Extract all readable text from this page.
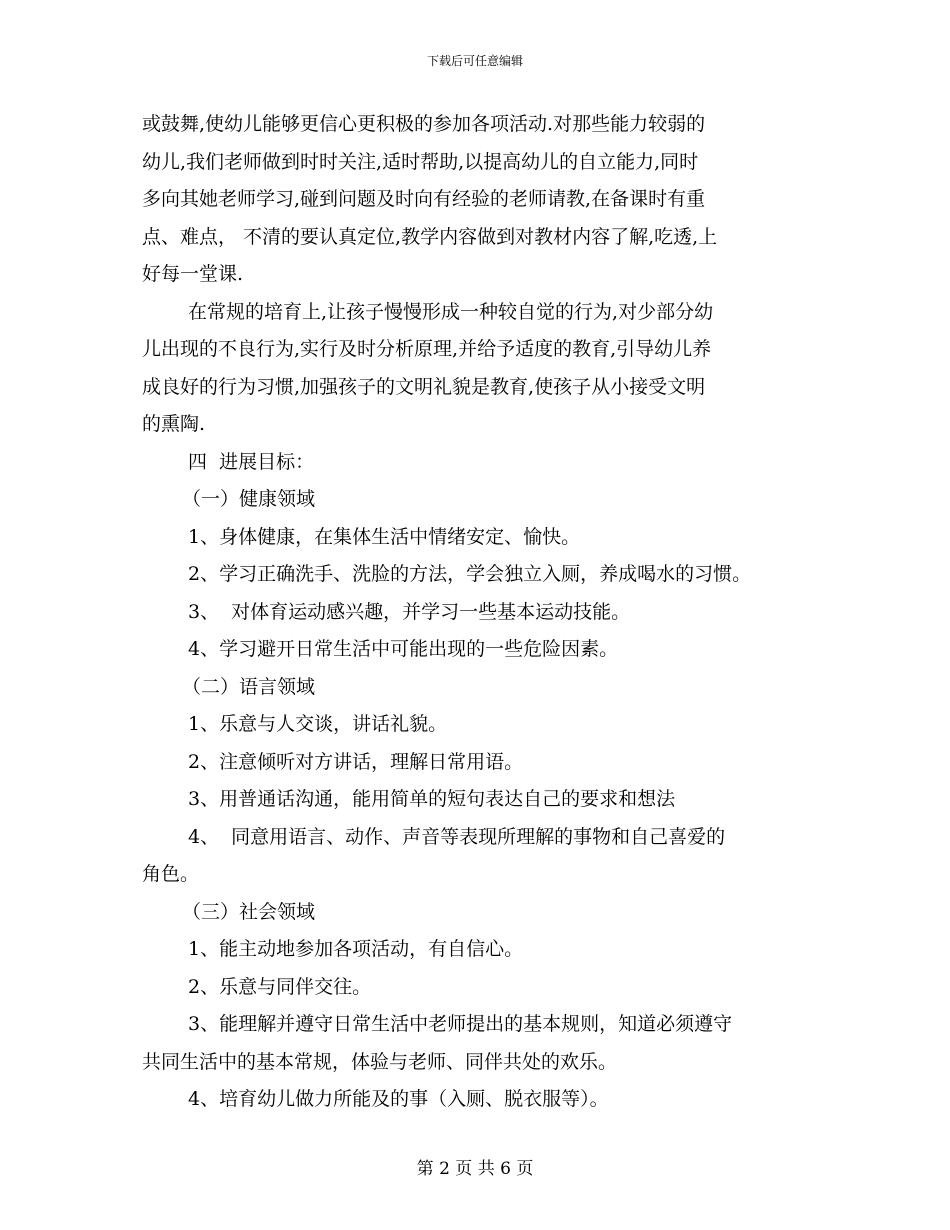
下载后可任意编辑

或鼓舞,使幼儿能够更信心更积极的参加各项活动.对那些能力较弱的

幼儿,我们老师做到时时关注,适时帮助,以提高幼儿的自立能力,同时

多向其她老师学习,碰到问题及时向有经验的老师请教,在备课时有重

点、难点， 不清的要认真定位,教学内容做到对教材内容了解,吃透,上

好每一堂课.

在常规的培育上,让孩子慢慢形成一种较自觉的行为,对少部分幼

儿出现的不良行为,实行及时分析原理,并给予适度的教育,引导幼儿养

成良好的行为习惯,加强孩子的文明礼貌是教育,使孩子从小接受文明

的熏陶.

四  进展目标：

（一）健康领域

1、身体健康，在集体生活中情绪安定、愉快。

2、学习正确洗手、洗脸的方法，学会独立入厕，养成喝水的习惯。

3、  对体育运动感兴趣，并学习一些基本运动技能。

4、学习避开日常生活中可能出现的一些危险因素。

（二）语言领域

1、乐意与人交谈，讲话礼貌。

2、注意倾听对方讲话，理解日常用语。

3、用普通话沟通，能用简单的短句表达自己的要求和想法

4、  同意用语言、动作、声音等表现所理解的事物和自己喜爱的

角色。

（三）社会领域

1、能主动地参加各项活动，有自信心。

2、乐意与同伴交往。

3、能理解并遵守日常生活中老师提出的基本规则，知道必须遵守

共同生活中的基本常规，体验与老师、同伴共处的欢乐。

4、培育幼儿做力所能及的事（入厕、脱衣服等）。

第 2 页 共 6 页
